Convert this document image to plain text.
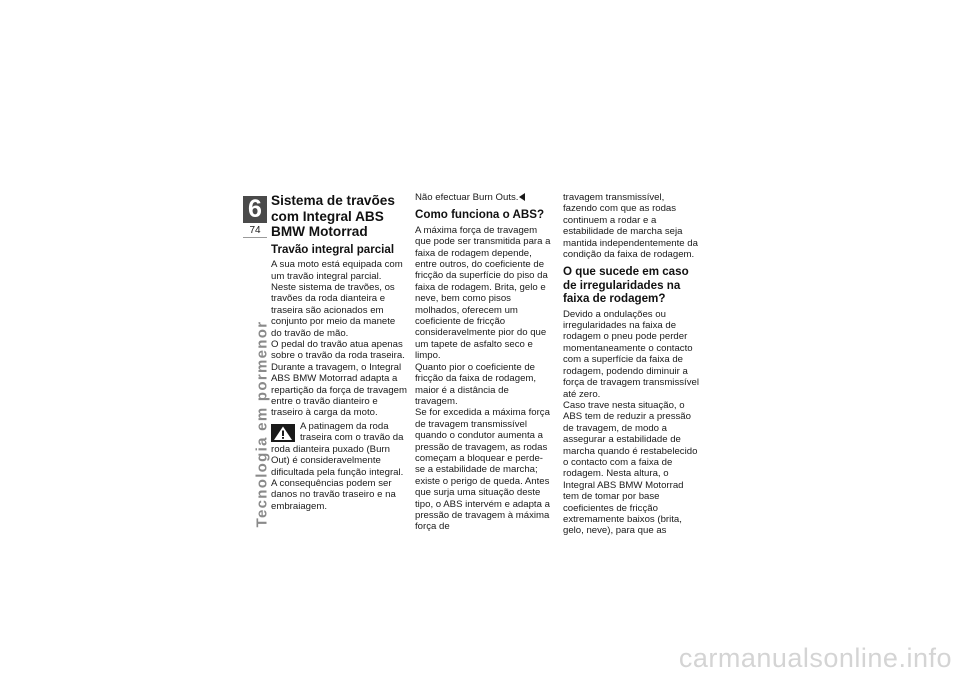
6
74
Tecnologia em pormenor
Sistema de travões com Integral ABS BMW Motorrad
Travão integral parcial

A sua moto está equipada com um travão integral parcial. Neste sistema de travões, os travões da roda dianteira e traseira são acionados em conjunto por meio da manete do travão de mão.

O pedal do travão atua apenas sobre o travão da roda traseira.

Durante a travagem, o Integral ABS BMW Motorrad adapta a repartição da força de travagem entre o travão dianteiro e traseiro à carga da moto.

A patinagem da roda traseira com o travão da roda dianteira puxado (Burn Out) é consideravelmente dificultada pela função integral.

A consequências podem ser danos no travão traseiro e na embraiagem.

Não efectuar Burn Outs.

Como funciona o ABS?

A máxima força de travagem que pode ser transmitida para a faixa de rodagem depende, entre outros, do coeficiente de fricção da superfície do piso da faixa de rodagem. Brita, gelo e neve, bem como pisos molhados, oferecem um coeficiente de fricção consideravelmente pior do que um tapete de asfalto seco e limpo.

Quanto pior o coeficiente de fricção da faixa de rodagem, maior é a distância de travagem.

Se for excedida a máxima força de travagem transmissível quando o condutor aumenta a pressão de travagem, as rodas começam a bloquear e perde-se a estabilidade de marcha; existe o perigo de queda. Antes que surja uma situação deste tipo, o ABS intervém e adapta a pressão de travagem à máxima força de

travagem transmissível, fazendo com que as rodas continuem a rodar e a estabilidade de marcha seja mantida independentemente da condição da faixa de rodagem.

O que sucede em caso de irregularidades na faixa de rodagem?

Devido a ondulações ou irregularidades na faixa de rodagem o pneu pode perder momentaneamente o contacto com a superfície da faixa de rodagem, podendo diminuir a força de travagem transmissível até zero.

Caso trave nesta situação, o ABS tem de reduzir a pressão de travagem, de modo a assegurar a estabilidade de marcha quando é restabelecido o contacto com a faixa de rodagem. Nesta altura, o Integral ABS BMW Motorrad tem de tomar por base coeficientes de fricção extremamente baixos (brita, gelo, neve), para que as

carmanualsonline.info
